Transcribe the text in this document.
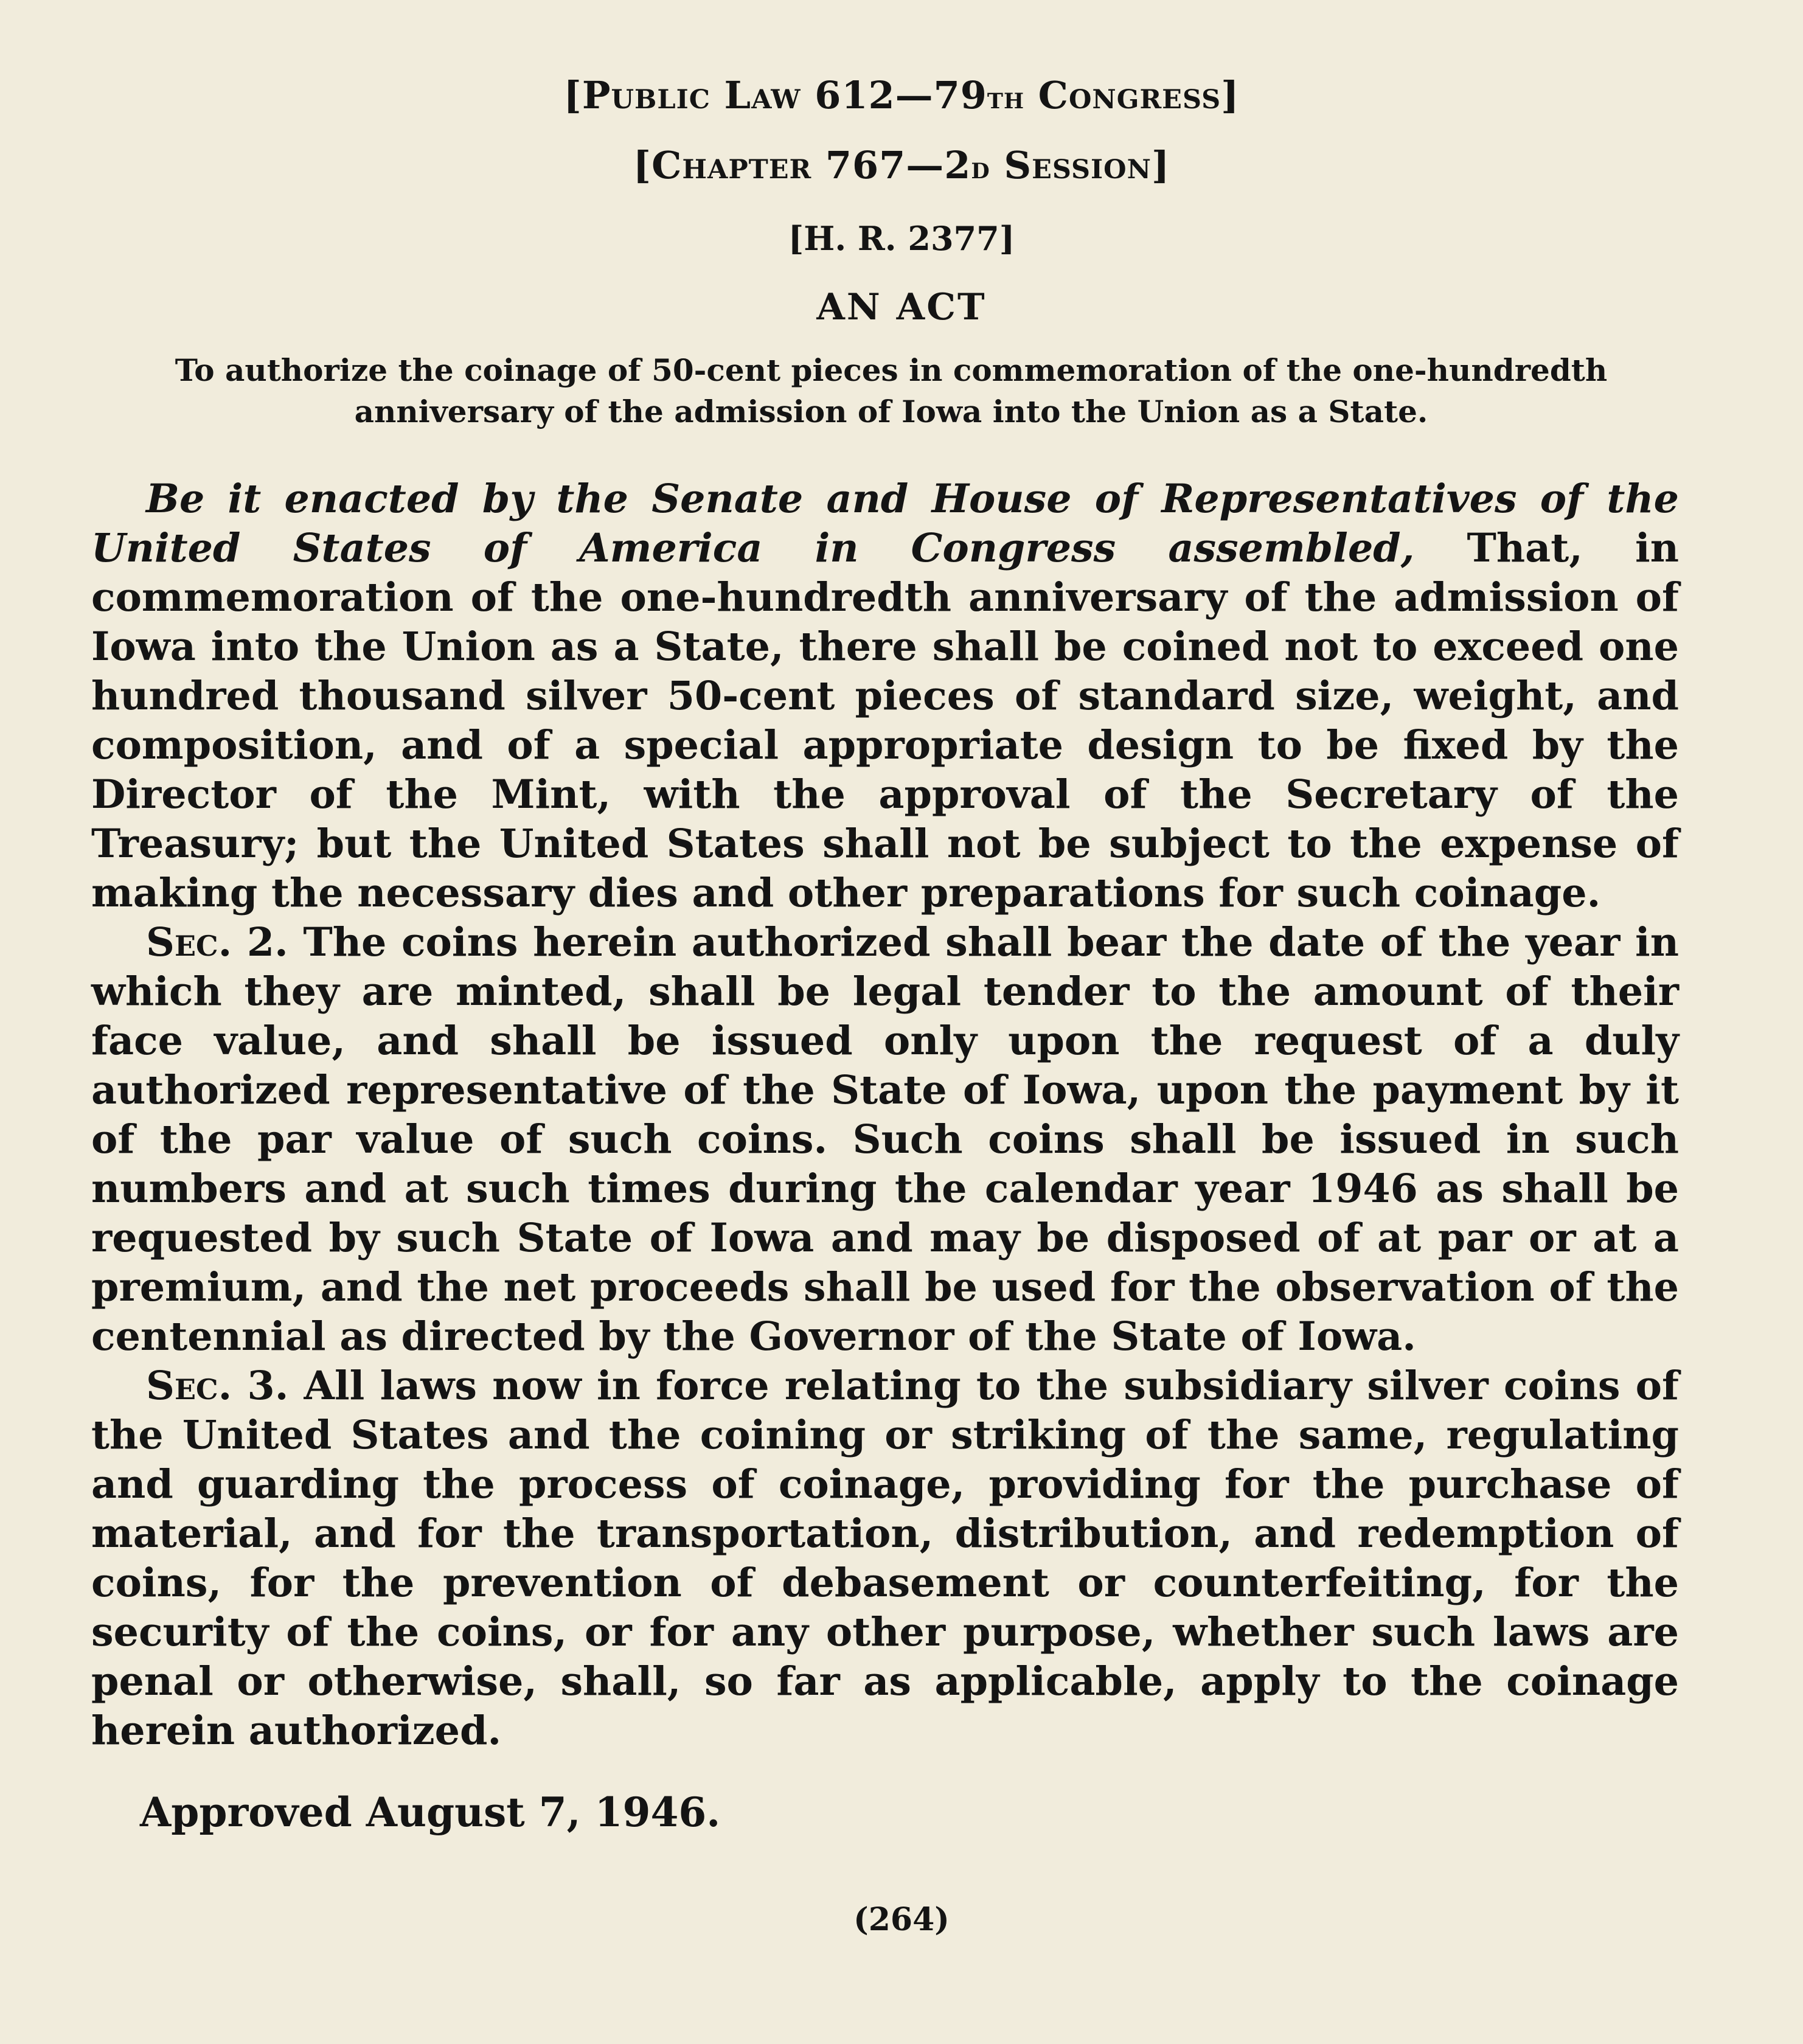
[Public Law 612—79th Congress]
[Chapter 767—2d Session]
[H. R. 2377]
AN ACT
To authorize the coinage of 50-cent pieces in commemoration of the one-hundredth anniversary of the admission of Iowa into the Union as a State.

Be it enacted by the Senate and House of Representatives of the United States of America in Congress assembled, That, in commemoration of the one-hundredth anniversary of the admission of Iowa into the Union as a State, there shall be coined not to exceed one hundred thousand silver 50-cent pieces of standard size, weight, and composition, and of a special appropriate design to be fixed by the Director of the Mint, with the approval of the Secretary of the Treasury; but the United States shall not be subject to the expense of making the necessary dies and other preparations for such coinage.

Sec. 2. The coins herein authorized shall bear the date of the year in which they are minted, shall be legal tender to the amount of their face value, and shall be issued only upon the request of a duly authorized representative of the State of Iowa, upon the payment by it of the par value of such coins. Such coins shall be issued in such numbers and at such times during the calendar year 1946 as shall be requested by such State of Iowa and may be disposed of at par or at a premium, and the net proceeds shall be used for the observation of the centennial as directed by the Governor of the State of Iowa.

Sec. 3. All laws now in force relating to the subsidiary silver coins of the United States and the coining or striking of the same, regulating and guarding the process of coinage, providing for the purchase of material, and for the transportation, distribution, and redemption of coins, for the prevention of debasement or counterfeiting, for the security of the coins, or for any other purpose, whether such laws are penal or otherwise, shall, so far as applicable, apply to the coinage herein authorized.

Approved August 7, 1946.
(264)
